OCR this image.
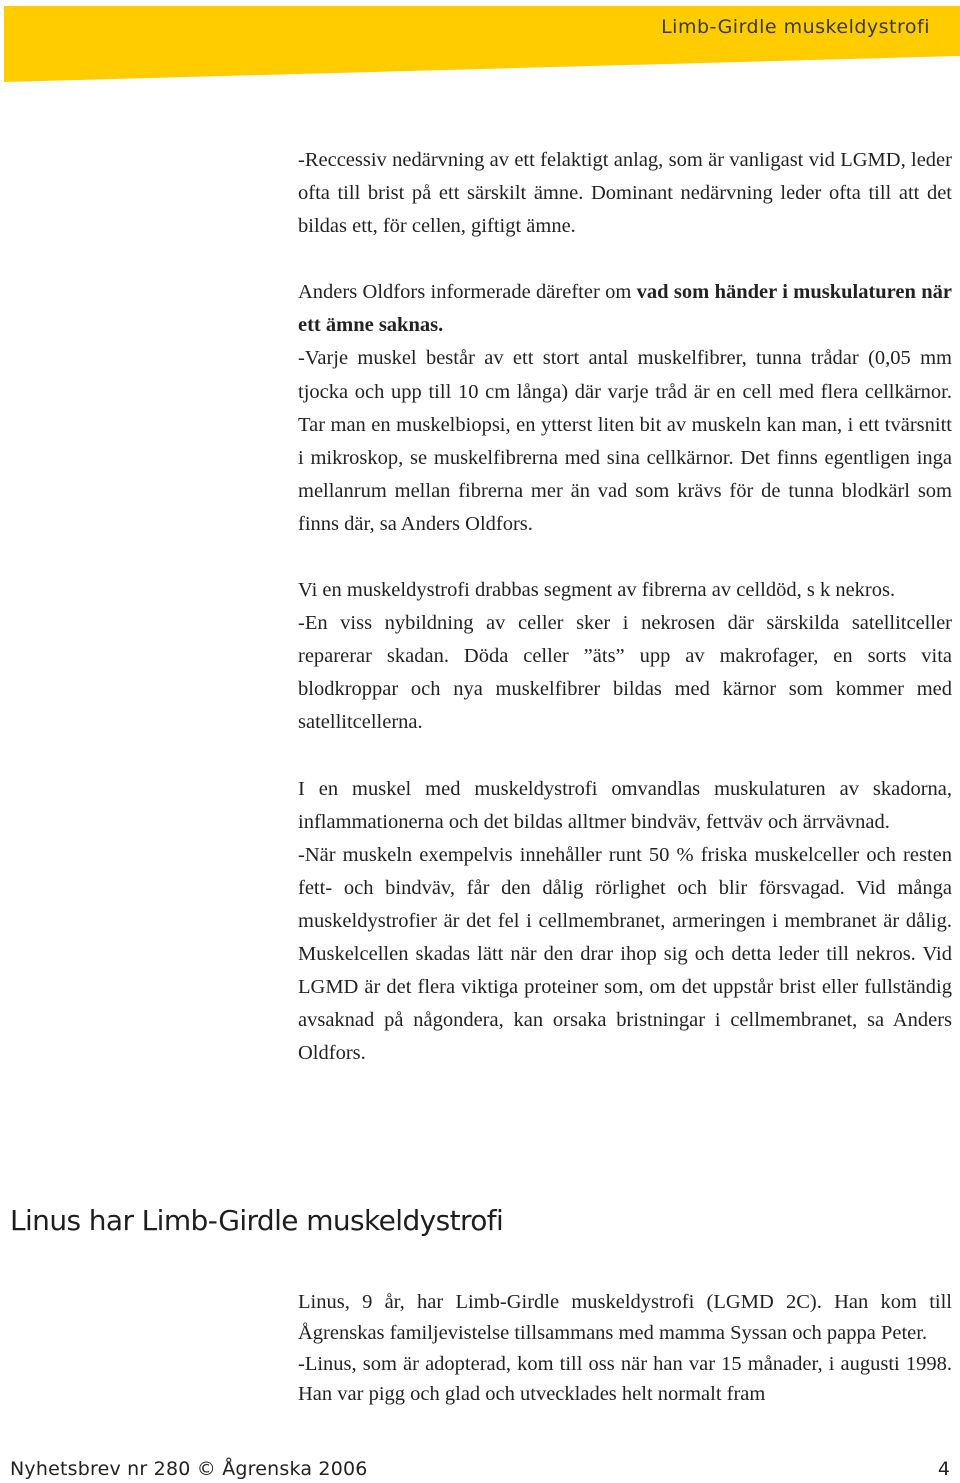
Limb-Girdle muskeldystrofi

-Reccessiv nedärvning av ett felaktigt anlag, som är vanligast vid LGMD, leder ofta till brist på ett särskilt ämne. Dominant nedärvning leder ofta till att det bildas ett, för cellen, giftigt ämne.

Anders Oldfors informerade därefter om vad som händer i muskulaturen när ett ämne saknas.

-Varje muskel består av ett stort antal muskelfibrer, tunna trådar (0,05 mm tjocka och upp till 10 cm långa) där varje tråd är en cell med flera cellkärnor. Tar man en muskelbiopsi, en ytterst liten bit av muskeln kan man, i ett tvärsnitt i mikroskop, se muskelfibrerna med sina cellkärnor. Det finns egentligen inga mellanrum mellan fibrerna mer än vad som krävs för de tunna blodkärl som finns där, sa Anders Oldfors.

Vi en muskeldystrofi drabbas segment av fibrerna av celldöd, s k nekros.

-En viss nybildning av celler sker i nekrosen där särskilda satellitceller reparerar skadan. Döda celler ”äts” upp av makrofager, en sorts vita blodkroppar och nya muskelfibrer bildas med kärnor som kommer med satellitcellerna.

I en muskel med muskeldystrofi omvandlas muskulaturen av skadorna, inflammationerna och det bildas alltmer bindväv, fettväv och ärrvävnad.

-När muskeln exempelvis innehåller runt 50 % friska muskelceller och resten fett- och bindväv, får den dålig rörlighet och blir försvagad. Vid många muskeldystrofier är det fel i cellmembranet, armeringen i membranet är dålig. Muskelcellen skadas lätt när den drar ihop sig och detta leder till nekros. Vid LGMD är det flera viktiga proteiner som, om det uppstår brist eller fullständig avsaknad på någondera, kan orsaka bristningar i cellmembranet, sa Anders Oldfors.

Linus har Limb-Girdle muskeldystrofi

Linus, 9 år, har Limb-Girdle muskeldystrofi (LGMD 2C). Han kom till Ågrenskas familjevistelse tillsammans med mamma Syssan och pappa Peter.

-Linus, som är adopterad, kom till oss när han var 15 månader, i augusti 1998. Han var pigg och glad och utvecklades helt normalt fram

Nyhetsbrev nr 280 © Ågrenska 2006	4
